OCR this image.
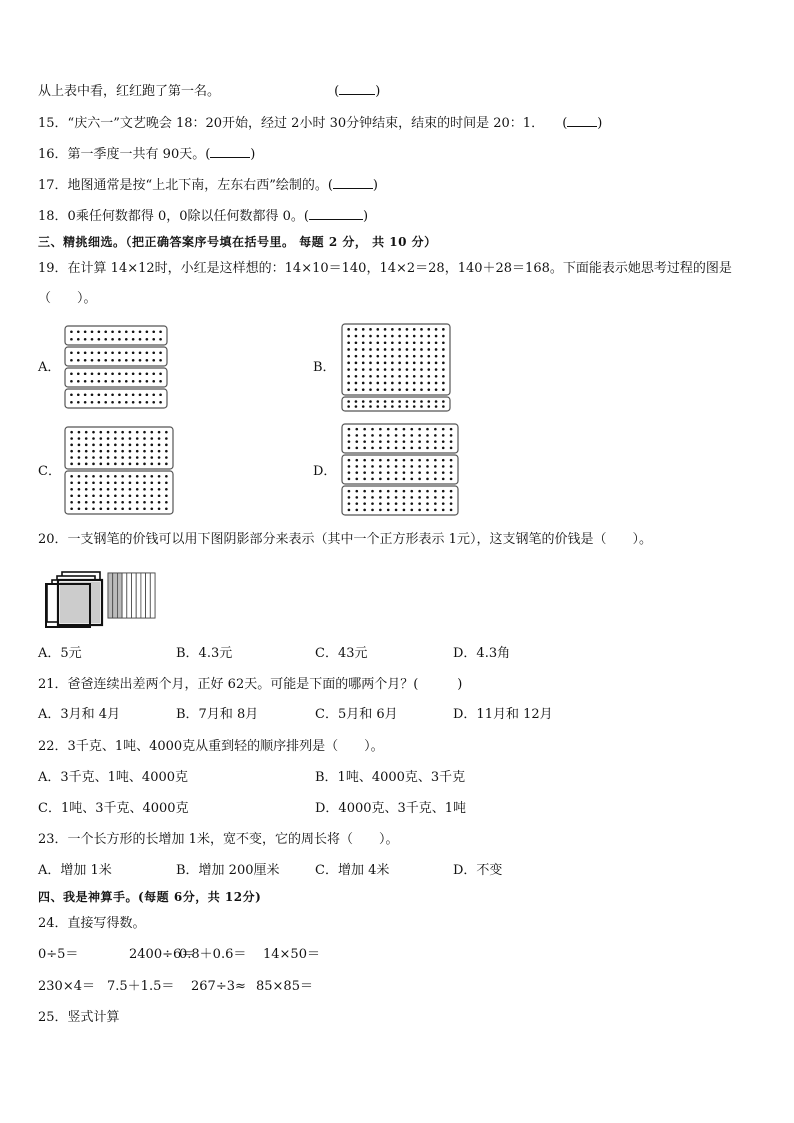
从上表中看，红红跑了第一名。	(	)
15．“庆六一”文艺晚会 18：20开始，经过 2小时 30分钟结束，结束的时间是 20：1． ( )
16．第一季度一共有 90天。(	)
17．地图通常是按“上北下南，左东右西”绘制的。(	)
18．0乘任何数都得 0，0除以任何数都得 0。(	)
三、精挑细选。（把正确答案序号填在括号里。 每题 2 分， 共 10 分）
19．在计算 14×12时，小红是这样想的：14×10＝140，14×2＝28，140＋28＝168。下面能表示她思考过程的图是
（　　）。
A．	B．
C．	D．
20．一支钢笔的价钱可以用下图阴影部分来表示（其中一个正方形表示 1元），这支钢笔的价钱是（　　）。
A．5元	B．4.3元	C．43元	D．4.3角
21．爸爸连续出差两个月，正好 62天。可能是下面的哪两个月？(　　　)
A．3月和 4月	B．7月和 8月	C．5月和 6月	D．11月和 12月
22．3千克、1吨、4000克从重到轻的顺序排列是（　　）。
A．3千克、1吨、4000克	B．1吨、4000克、3千克
C．1吨、3千克、4000克	D．4000克、3千克、1吨
23．一个长方形的长增加 1米，宽不变，它的周长将（　　）。
A．增加 1米	B．增加 200厘米	C．增加 4米	D．不变
四、我是神算手。(每题 6分，共 12分)
24．直接写得数。
0÷5＝	2400÷6＝
0.8＋0.6＝ 14×50＝
230×4＝ 7.5＋1.5＝ 267÷3≈ 85×85＝
25．竖式计算
